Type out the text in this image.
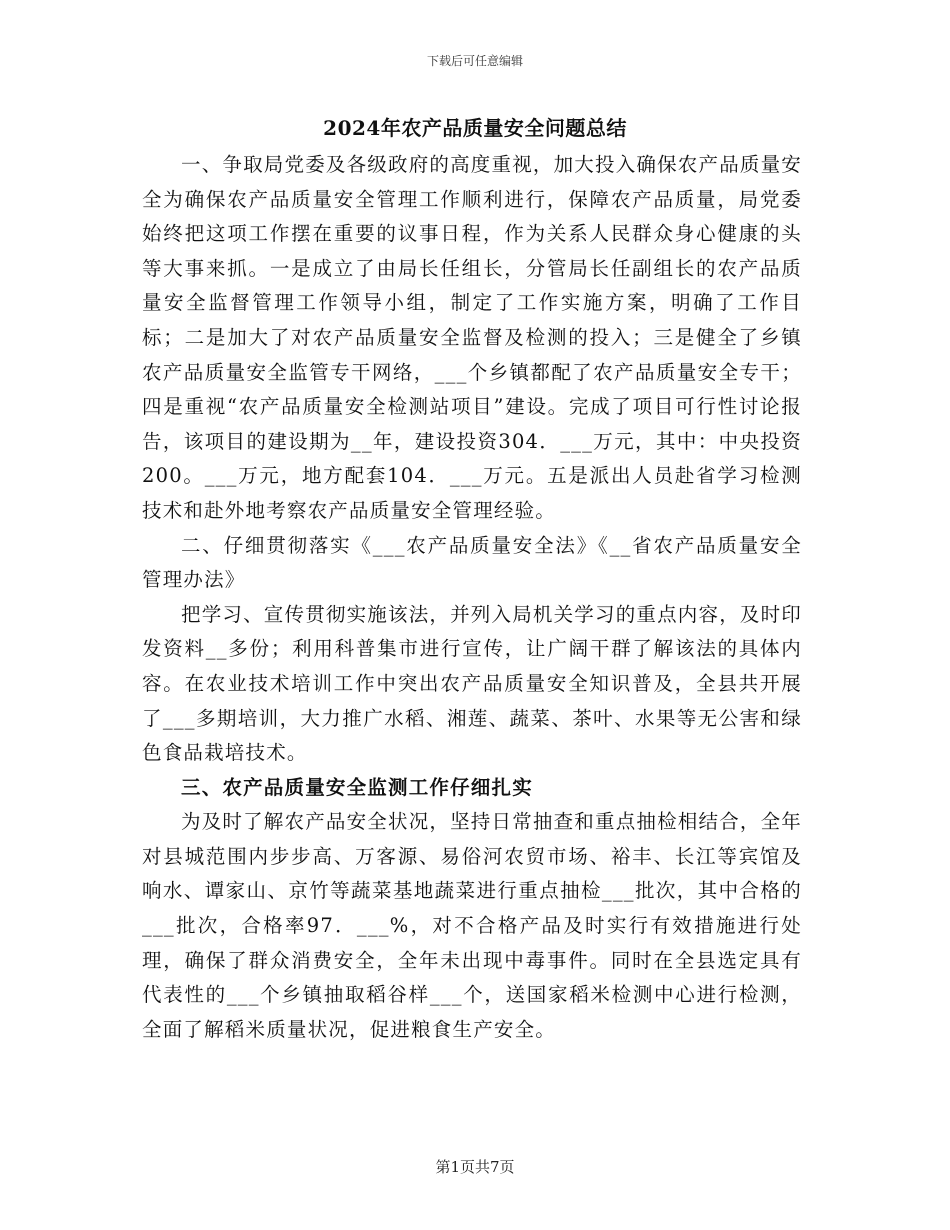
下载后可任意编辑
2024年农产品质量安全问题总结

一、争取局党委及各级政府的高度重视，加大投入确保农产品质量安全为确保农产品质量安全管理工作顺利进行，保障农产品质量，局党委始终把这项工作摆在重要的议事日程，作为关系人民群众身心健康的头等大事来抓。一是成立了由局长任组长，分管局长任副组长的农产品质量安全监督管理工作领导小组，制定了工作实施方案，明确了工作目标；二是加大了对农产品质量安全监督及检测的投入；三是健全了乡镇农产品质量安全监管专干网络，___个乡镇都配了农产品质量安全专干；四是重视“农产品质量安全检测站项目”建设。完成了项目可行性讨论报告，该项目的建设期为__年，建设投资304．___万元，其中：中央投资200。___万元，地方配套104．___万元。五是派出人员赴省学习检测技术和赴外地考察农产品质量安全管理经验。

二、仔细贯彻落实《___农产品质量安全法》《__省农产品质量安全管理办法》

把学习、宣传贯彻实施该法，并列入局机关学习的重点内容，及时印发资料__多份；利用科普集市进行宣传，让广阔干群了解该法的具体内容。在农业技术培训工作中突出农产品质量安全知识普及，全县共开展了___多期培训，大力推广水稻、湘莲、蔬菜、茶叶、水果等无公害和绿色食品栽培技术。

三、农产品质量安全监测工作仔细扎实

为及时了解农产品安全状况，坚持日常抽查和重点抽检相结合，全年对县城范围内步步高、万客源、易俗河农贸市场、裕丰、长江等宾馆及响水、谭家山、京竹等蔬菜基地蔬菜进行重点抽检___批次，其中合格的___批次，合格率97．___%，对不合格产品及时实行有效措施进行处理，确保了群众消费安全，全年未出现中毒事件。同时在全县选定具有代表性的___个乡镇抽取稻谷样___个，送国家稻米检测中心进行检测，全面了解稻米质量状况，促进粮食生产安全。

第1页共7页
